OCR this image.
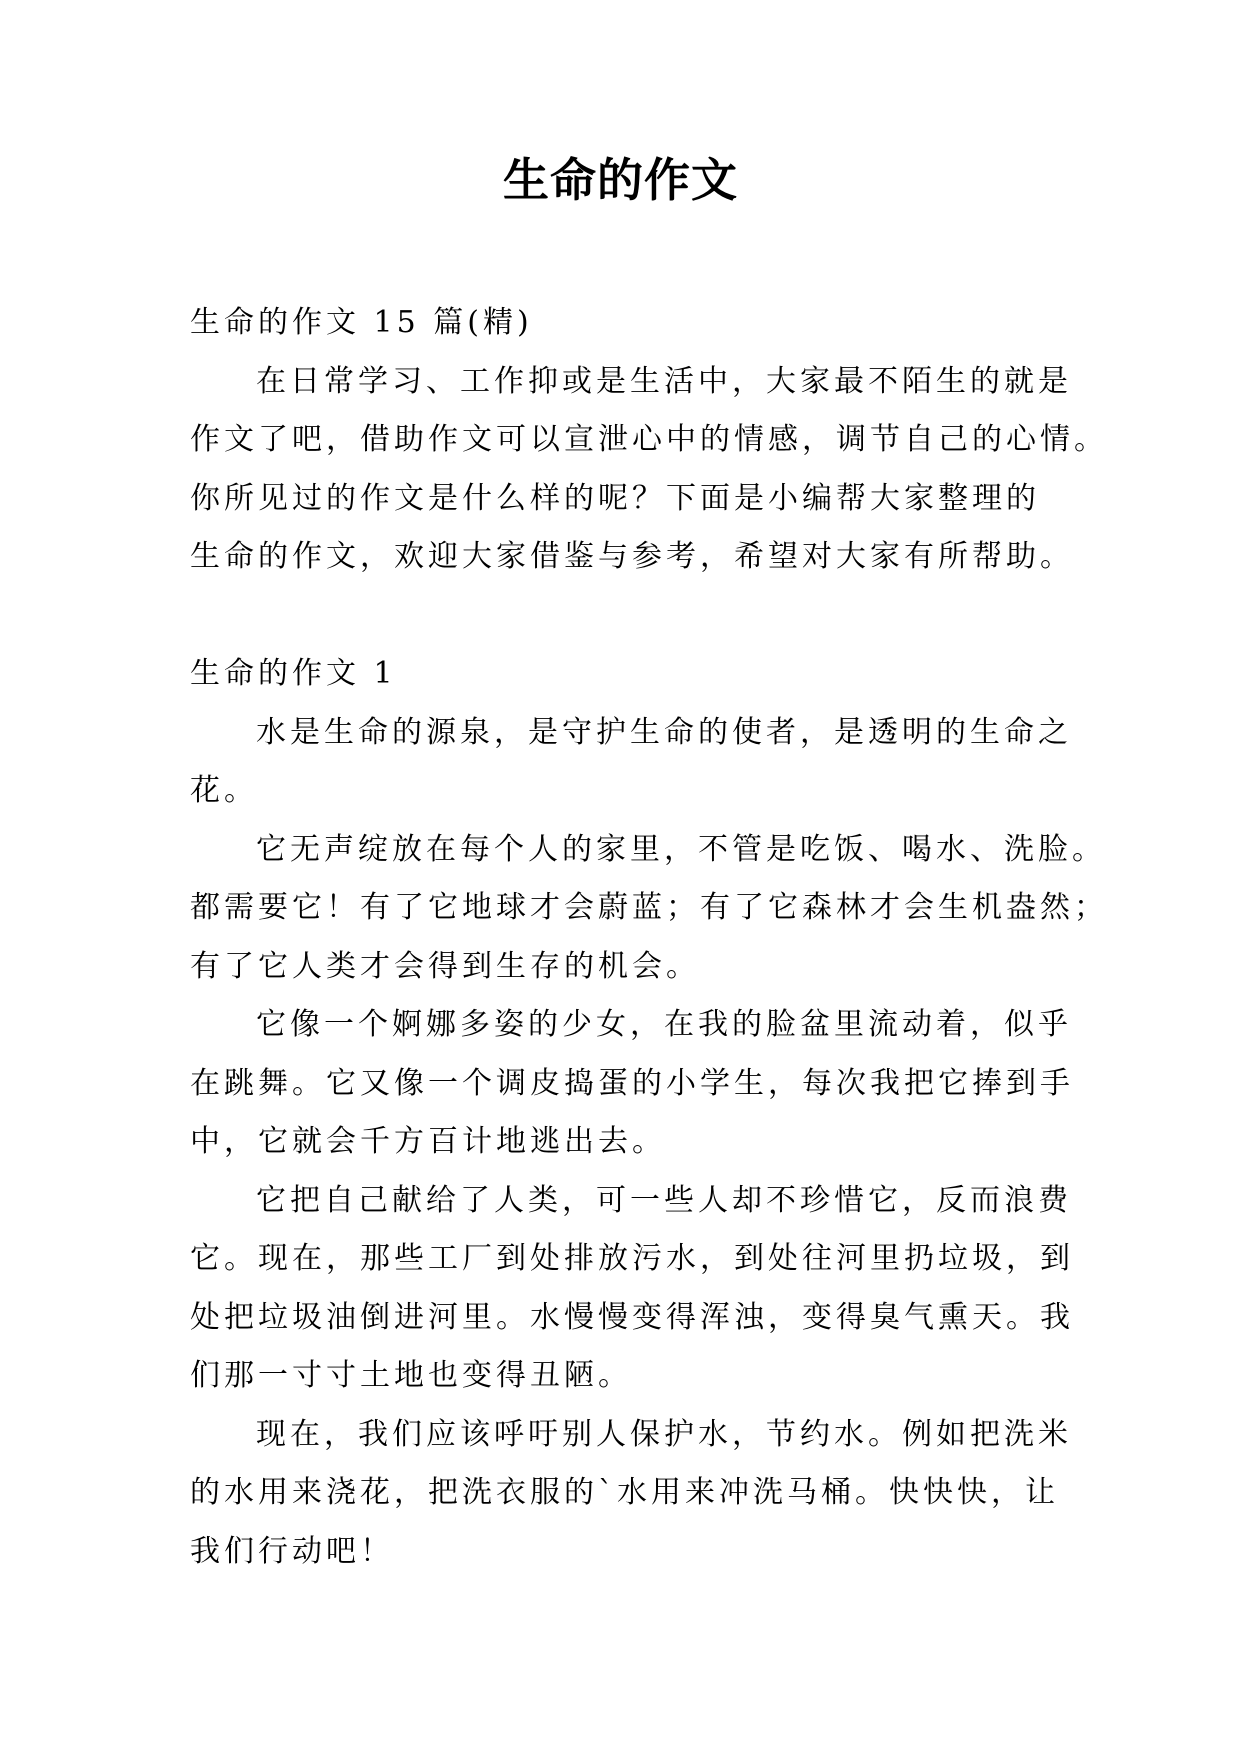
生命的作文
生命的作文 15 篇(精)
在日常学习、工作抑或是生活中，大家最不陌生的就是
作文了吧，借助作文可以宣泄心中的情感，调节自己的心情。
你所见过的作文是什么样的呢？下面是小编帮大家整理的
生命的作文，欢迎大家借鉴与参考，希望对大家有所帮助。
生命的作文 1
水是生命的源泉，是守护生命的使者，是透明的生命之
花。
它无声绽放在每个人的家里，不管是吃饭、喝水、洗脸。
都需要它！有了它地球才会蔚蓝；有了它森林才会生机盎然；
有了它人类才会得到生存的机会。
它像一个婀娜多姿的少女，在我的脸盆里流动着，似乎
在跳舞。它又像一个调皮捣蛋的小学生，每次我把它捧到手
中，它就会千方百计地逃出去。
它把自己献给了人类，可一些人却不珍惜它，反而浪费
它。现在，那些工厂到处排放污水，到处往河里扔垃圾，到
处把垃圾油倒进河里。水慢慢变得浑浊，变得臭气熏天。我
们那一寸寸土地也变得丑陋。
现在，我们应该呼吁别人保护水，节约水。例如把洗米
的水用来浇花，把洗衣服的`水用来冲洗马桶。快快快，让
我们行动吧！
